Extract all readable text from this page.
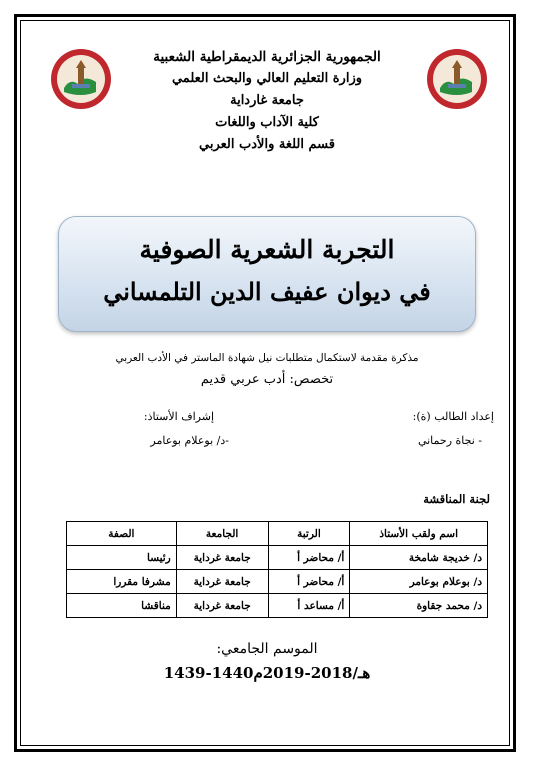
الجمهورية الجزائرية الديمقراطية الشعبية
وزارة التعليم العالي والبحث العلمي
جامعة غارداية
كلية الآداب واللغات
قسم اللغة والأدب العربي
التجربة الشعرية الصوفية
في ديوان عفيف الدين التلمساني
مذكرة مقدمة لاستكمال متطلبات نيل شهادة الماستر في الأدب العربي
تخصص: أدب عربي قديم
إعداد الطالب (ة):
- نجاة رحماني
إشراف الأستاذ:
-د/ بوعلام بوعامر
لجنة المناقشة
اسم ولقب الأستاذ	الرتبة	الجامعة	الصفة
د/ خديجة شامخة	أ/ محاضر أ	جامعة غرداية	رئيسا
د/ بوعلام بوعامر	أ/ محاضر أ	جامعة غرداية	مشرفا مقررا
د/ محمد جقاوة	أ/ مساعد أ	جامعة غرداية	مناقشا
الموسم الجامعي:
1439-1440هـ/2018-2019م
